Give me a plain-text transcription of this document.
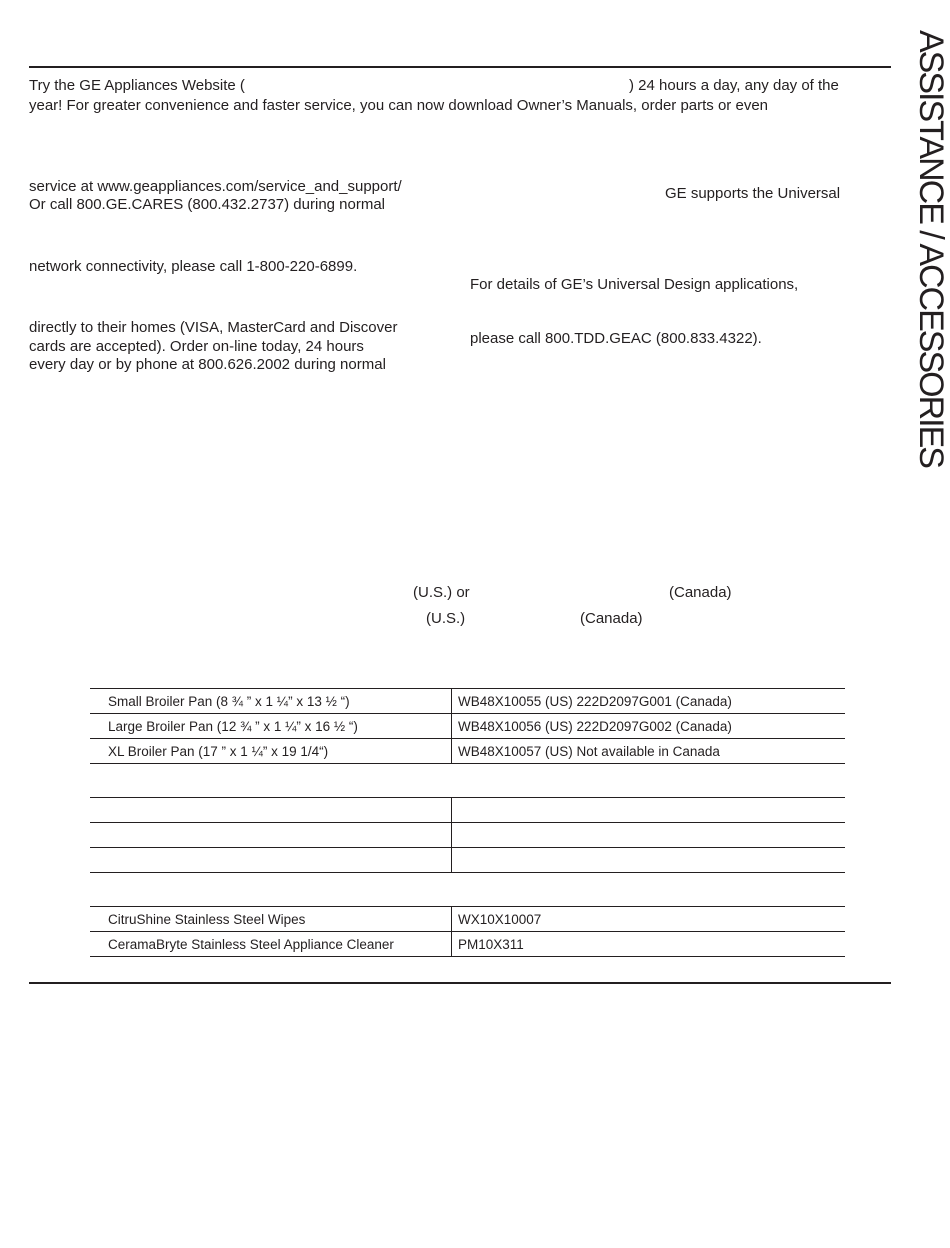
ASSISTANCE / ACCESSORIES
Try the GE Appliances Website (	) 24 hours a day, any day of the
year! For greater convenience and faster service, you can now download Owner’s Manuals, order parts or even
service at www.geappliances.com/service_and_support/
Or call 800.GE.CARES (800.432.2737) during normal
network connectivity, please call 1-800-220-6899.
directly to their homes (VISA, MasterCard and Discover
cards are accepted). Order on-line today, 24 hours
every day or by phone at 800.626.2002 during normal
GE supports the Universal
For details of GE’s Universal Design applications,
please call 800.TDD.GEAC (800.833.4322).
(U.S.) or	(Canada)
(U.S.)	(Canada)
Small Broiler Pan (8 ¾ ” x 1 ¼” x 13 ½ “)	WB48X10055 (US) 222D2097G001 (Canada)
Large Broiler Pan (12 ¾ ” x 1 ¼” x 16 ½ “)	WB48X10056 (US) 222D2097G002 (Canada)
XL Broiler Pan (17 ” x 1 ¼” x 19 1/4“)	WB48X10057 (US) Not available in Canada

CitruShine Stainless Steel Wipes	WX10X10007
CeramaBryte Stainless Steel Appliance Cleaner	PM10X311
